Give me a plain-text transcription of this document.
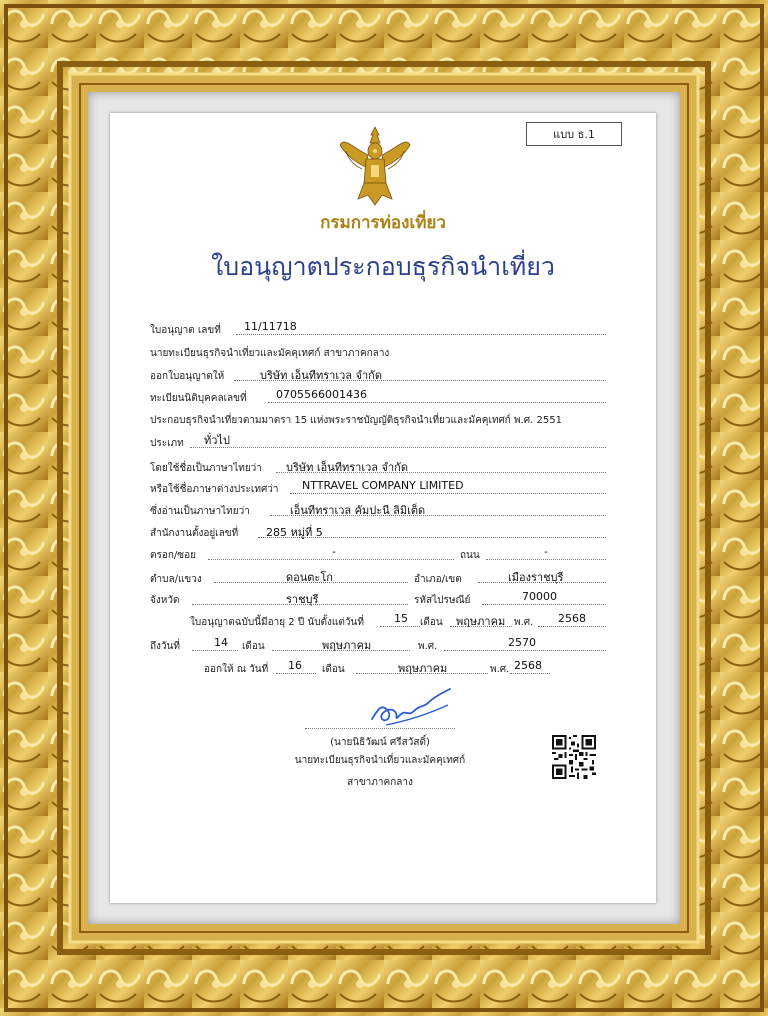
แบบ ธ.1
กรมการท่องเที่ยว
ใบอนุญาตประกอบธุรกิจนำเที่ยว
ใบอนุญาต เลขที่ 11/11718
นายทะเบียนธุรกิจนำเที่ยวและมัคคุเทศก์ สาขาภาคกลาง
ออกใบอนุญาตให้	บริษัท เอ็นทีทราเวล จำกัด
ทะเบียนนิติบุคคลเลขที่	0705566001436
ประกอบธุรกิจนำเที่ยวตามมาตรา 15 แห่งพระราชบัญญัติธุรกิจนำเที่ยวและมัคคุเทศก์ พ.ศ. 2551
ประเภท ทั่วไป
โดยใช้ชื่อเป็นภาษาไทยว่า บริษัท เอ็นทีทราเวล จำกัด
หรือใช้ชื่อภาษาต่างประเทศว่า NTTRAVEL COMPANY LIMITED
ซึ่งอ่านเป็นภาษาไทยว่า	เอ็นทีทราเวล คัมปะนี ลิมิเต็ด
สำนักงานตั้งอยู่เลขที่	285 หมู่ที่ 5
ตรอก/ซอย	-	ถนน	-
ตำบล/แขวง	ดอนตะโก	อำเภอ/เขต	เมืองราชบุรี
จังหวัด	ราชบุรี	รหัสไปรษณีย์	70000
ใบอนุญาตฉบับนี้มีอายุ 2 ปี นับตั้งแต่วันที่	15 เดือน พฤษภาคม พ.ศ. 2568
ถึงวันที่	14 เดือน	พฤษภาคม	พ.ศ.	2570
ออกให้ ณ วันที่ 16 เดือน	พฤษภาคม	พ.ศ. 2568
(นายนิธิวัฒน์ ศรีสวัสดิ์)
นายทะเบียนธุรกิจนำเที่ยวและมัคคุเทศก์
สาขาภาคกลาง
